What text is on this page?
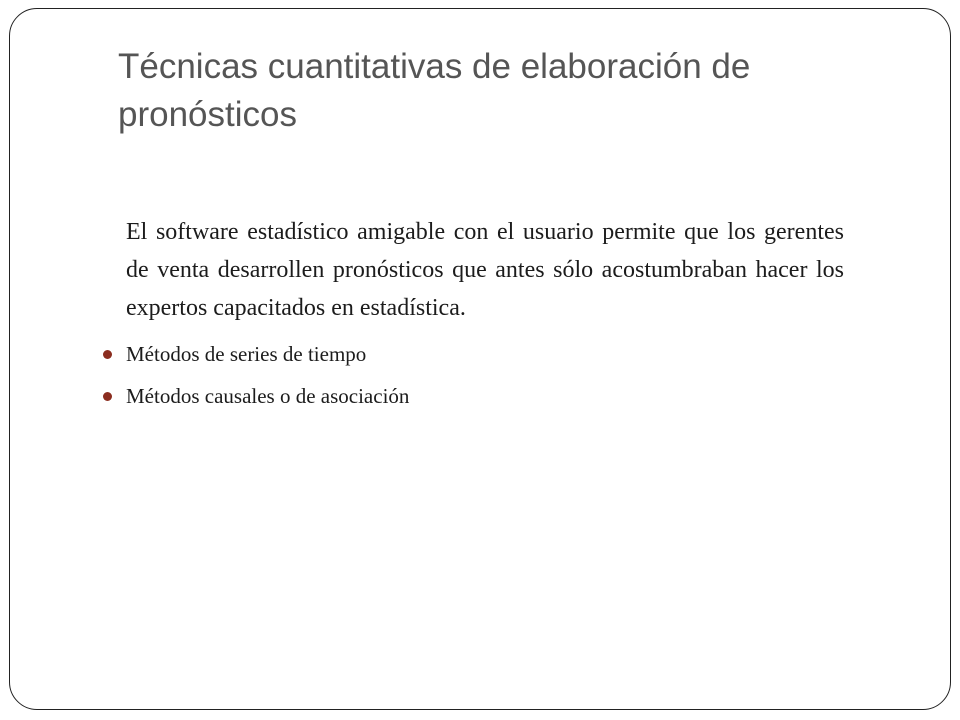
Técnicas cuantitativas de elaboración de pronósticos

El software estadístico amigable con el usuario permite que los gerentes de venta desarrollen pronósticos que antes sólo acostumbraban hacer los expertos capacitados en estadística.

Métodos de series de tiempo
Métodos causales o de asociación
